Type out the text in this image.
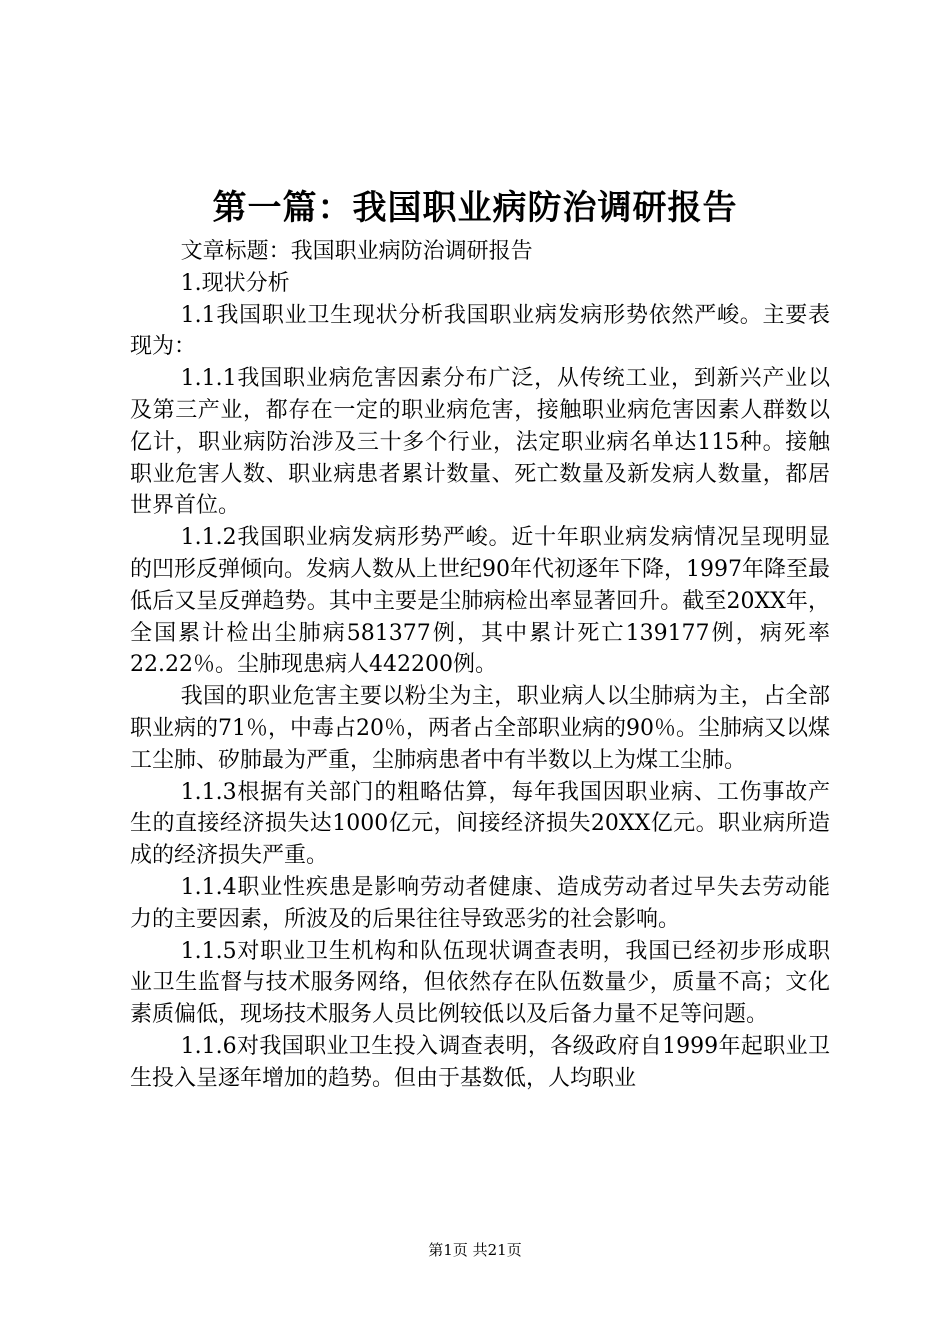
第一篇：我国职业病防治调研报告

文章标题：我国职业病防治调研报告

1.现状分析

1.1我国职业卫生现状分析我国职业病发病形势依然严峻。主要表现为：

1.1.1我国职业病危害因素分布广泛，从传统工业，到新兴产业以及第三产业，都存在一定的职业病危害，接触职业病危害因素人群数以亿计，职业病防治涉及三十多个行业，法定职业病名单达115种。接触职业危害人数、职业病患者累计数量、死亡数量及新发病人数量，都居世界首位。

1.1.2我国职业病发病形势严峻。近十年职业病发病情况呈现明显的凹形反弹倾向。发病人数从上世纪90年代初逐年下降，1997年降至最低后又呈反弹趋势。其中主要是尘肺病检出率显著回升。截至20XX年，全国累计检出尘肺病581377例，其中累计死亡139177例，病死率22.22％。尘肺现患病人442200例。

我国的职业危害主要以粉尘为主，职业病人以尘肺病为主，占全部职业病的71％，中毒占20％，两者占全部职业病的90％。尘肺病又以煤工尘肺、矽肺最为严重，尘肺病患者中有半数以上为煤工尘肺。

1.1.3根据有关部门的粗略估算，每年我国因职业病、工伤事故产生的直接经济损失达1000亿元，间接经济损失20XX亿元。职业病所造成的经济损失严重。

1.1.4职业性疾患是影响劳动者健康、造成劳动者过早失去劳动能力的主要因素，所波及的后果往往导致恶劣的社会影响。

1.1.5对职业卫生机构和队伍现状调查表明，我国已经初步形成职业卫生监督与技术服务网络，但依然存在队伍数量少，质量不高；文化素质偏低，现场技术服务人员比例较低以及后备力量不足等问题。

1.1.6对我国职业卫生投入调查表明，各级政府自1999年起职业卫生投入呈逐年增加的趋势。但由于基数低，人均职业

第1页 共21页
